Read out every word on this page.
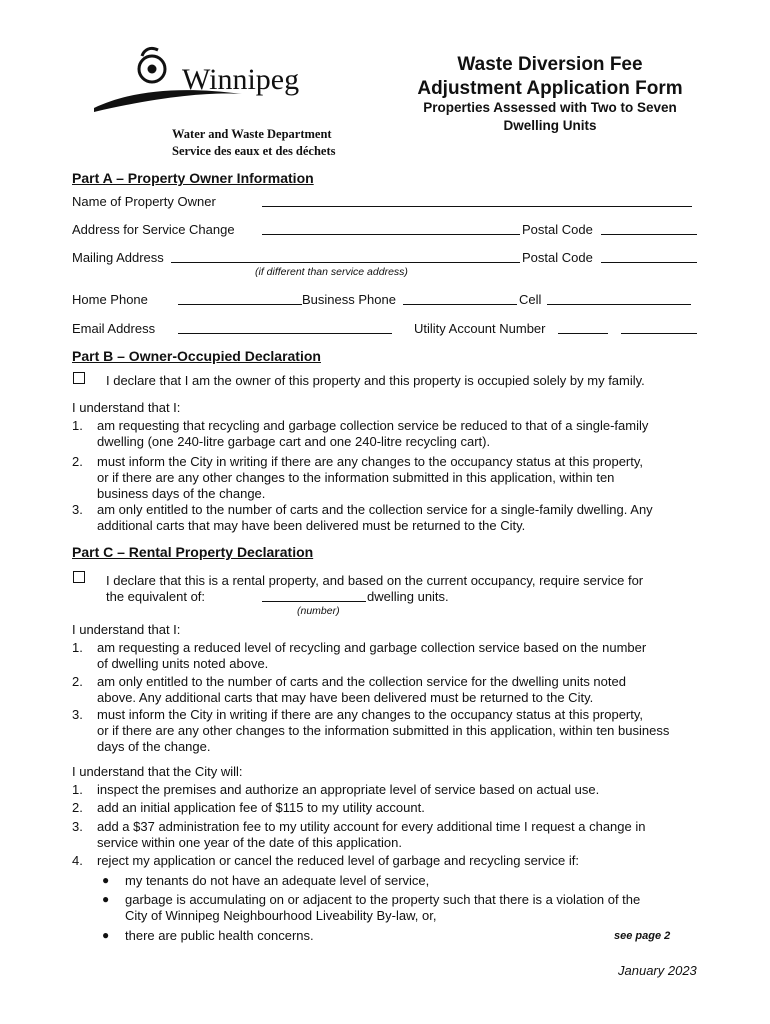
Winnipeg
Water and Waste Department
Service des eaux et des déchets
Waste Diversion Fee
Adjustment Application Form
Properties Assessed with Two to Seven
Dwelling Units
Part A – Property Owner Information
Name of Property Owner
Address for Service Change	Postal Code
Mailing Address	Postal Code
(if different than service address)
Home Phone	Business Phone	Cell
Email Address	Utility Account Number
Part B – Owner-Occupied Declaration
I declare that I am the owner of this property and this property is occupied solely by my family.
I understand that I:
1. am requesting that recycling and garbage collection service be reduced to that of a single-family
dwelling (one 240-litre garbage cart and one 240-litre recycling cart).
2. must inform the City in writing if there are any changes to the occupancy status at this property,
or if there are any other changes to the information submitted in this application, within ten
business days of the change.
3. am only entitled to the number of carts and the collection service for a single-family dwelling. Any
additional carts that may have been delivered must be returned to the City.
Part C – Rental Property Declaration
I declare that this is a rental property, and based on the current occupancy, require service for
the equivalent of:	dwelling units.
(number)
I understand that I:
1. am requesting a reduced level of recycling and garbage collection service based on the number
of dwelling units noted above.
2. am only entitled to the number of carts and the collection service for the dwelling units noted
above. Any additional carts that may have been delivered must be returned to the City.
3. must inform the City in writing if there are any changes to the occupancy status at this property,
or if there are any other changes to the information submitted in this application, within ten business
days of the change.
I understand that the City will:
1. inspect the premises and authorize an appropriate level of service based on actual use.
2. add an initial application fee of $115 to my utility account.
3. add a $37 administration fee to my utility account for every additional time I request a change in
service within one year of the date of this application.
4. reject my application or cancel the reduced level of garbage and recycling service if:
● my tenants do not have an adequate level of service,
● garbage is accumulating on or adjacent to the property such that there is a violation of the
City of Winnipeg Neighbourhood Liveability By-law, or,
● there are public health concerns.	see page 2
January 2023
